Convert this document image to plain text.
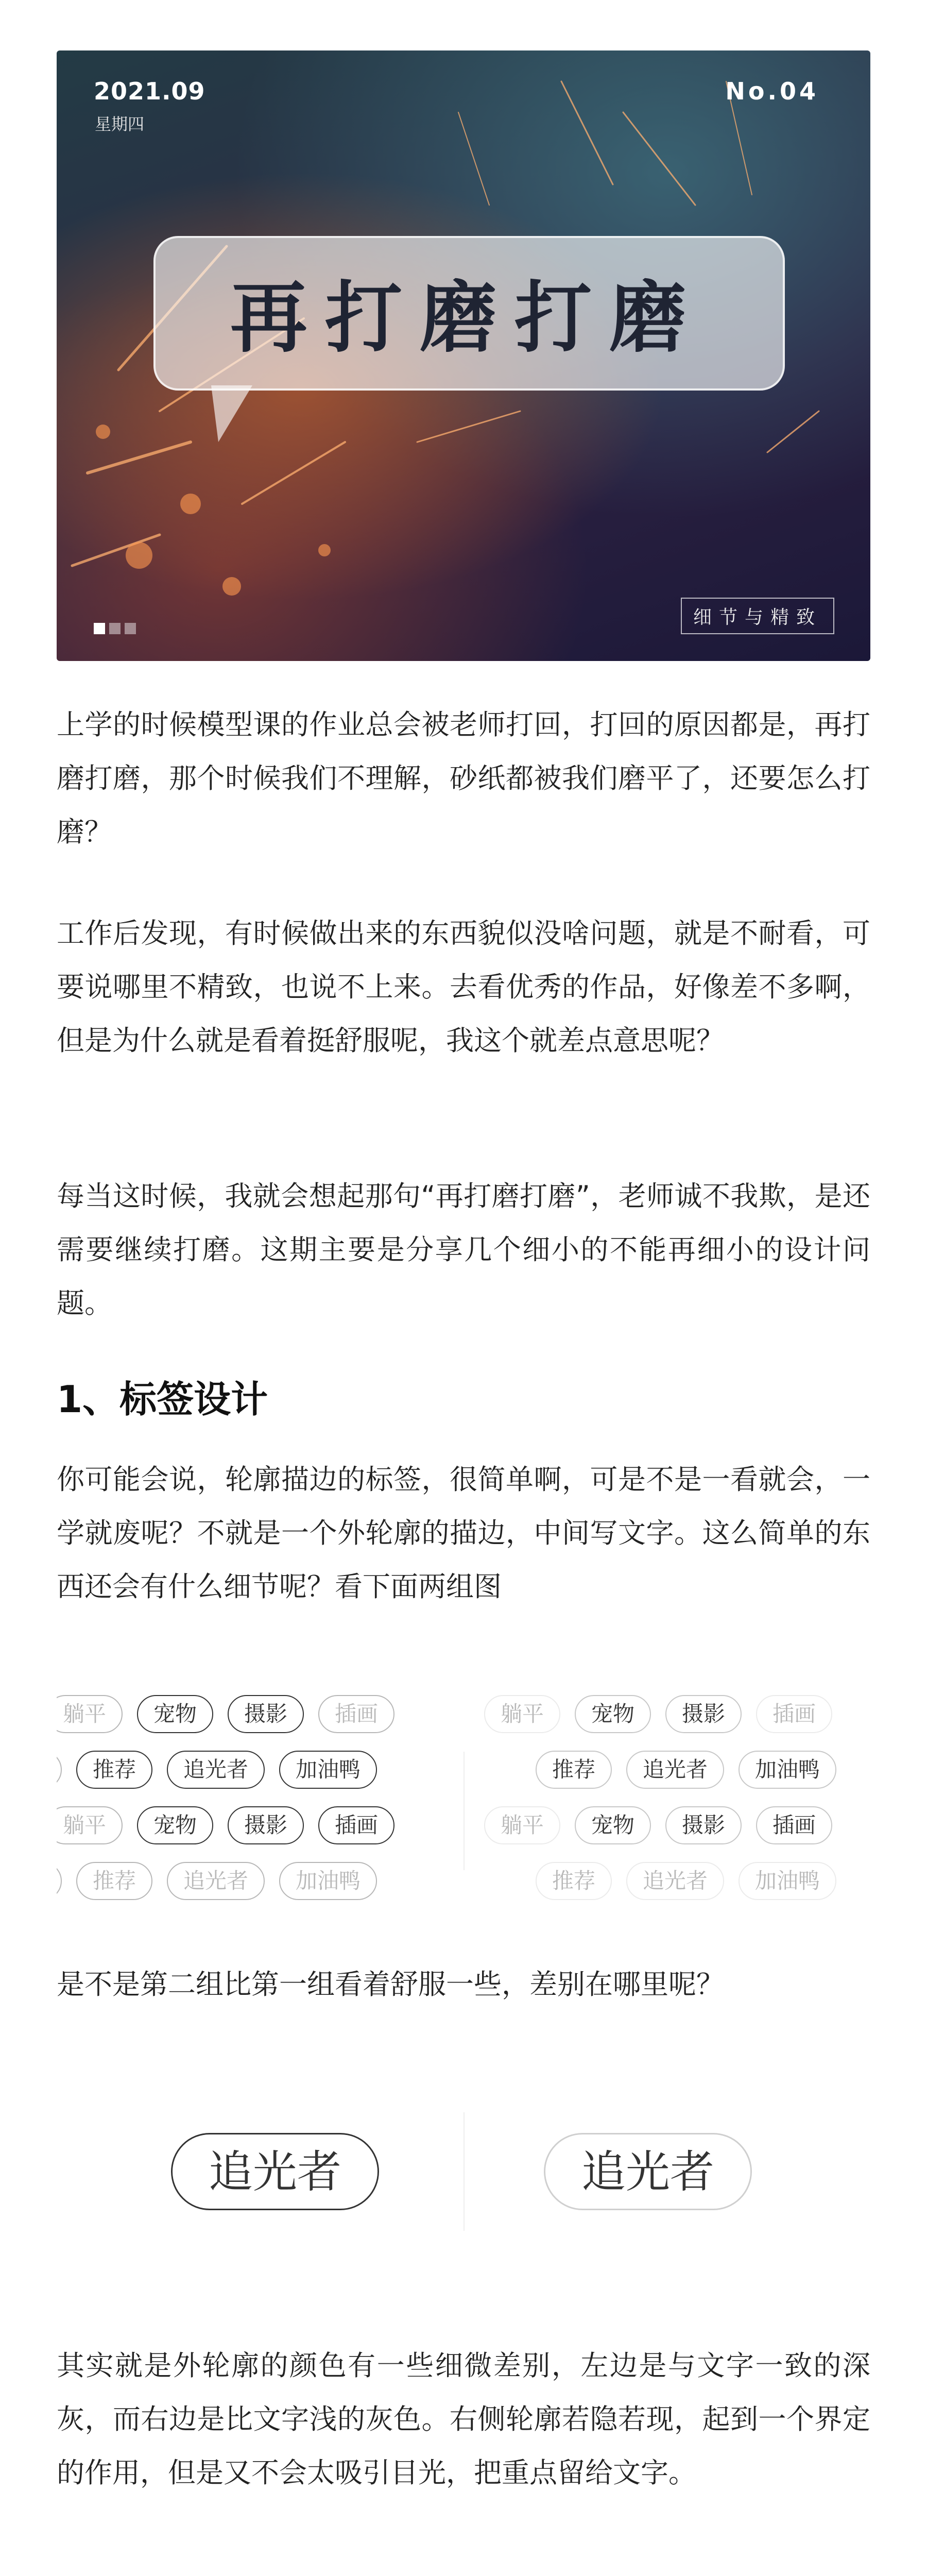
2021.09
星期四
No.04
再打磨打磨
细节与精致

上学的时候模型课的作业总会被老师打回，打回的原因都是，再打磨打磨，那个时候我们不理解，砂纸都被我们磨平了，还要怎么打磨？

工作后发现，有时候做出来的东西貌似没啥问题，就是不耐看，可要说哪里不精致，也说不上来。去看优秀的作品，好像差不多啊，但是为什么就是看着挺舒服呢，我这个就差点意思呢？

每当这时候，我就会想起那句“再打磨打磨”，老师诚不我欺，是还需要继续打磨。这期主要是分享几个细小的不能再细小的设计问题。

1、标签设计

你可能会说，轮廓描边的标签，很简单啊，可是不是一看就会，一学就废呢？不就是一个外轮廓的描边，中间写文字。这么简单的东西还会有什么细节呢？看下面两组图

躺平	宠物	摄影	插画
推荐	追光者	加油鸭
躺平	宠物	摄影	插画
推荐	追光者	加油鸭
躺平	宠物	摄影	插画
推荐	追光者	加油鸭
躺平	宠物	摄影	插画
推荐	追光者	加油鸭

是不是第二组比第一组看着舒服一些，差别在哪里呢？

追光者	追光者

其实就是外轮廓的颜色有一些细微差别，左边是与文字一致的深灰，而右边是比文字浅的灰色。右侧轮廓若隐若现，起到一个界定的作用，但是又不会太吸引目光，把重点留给文字。
